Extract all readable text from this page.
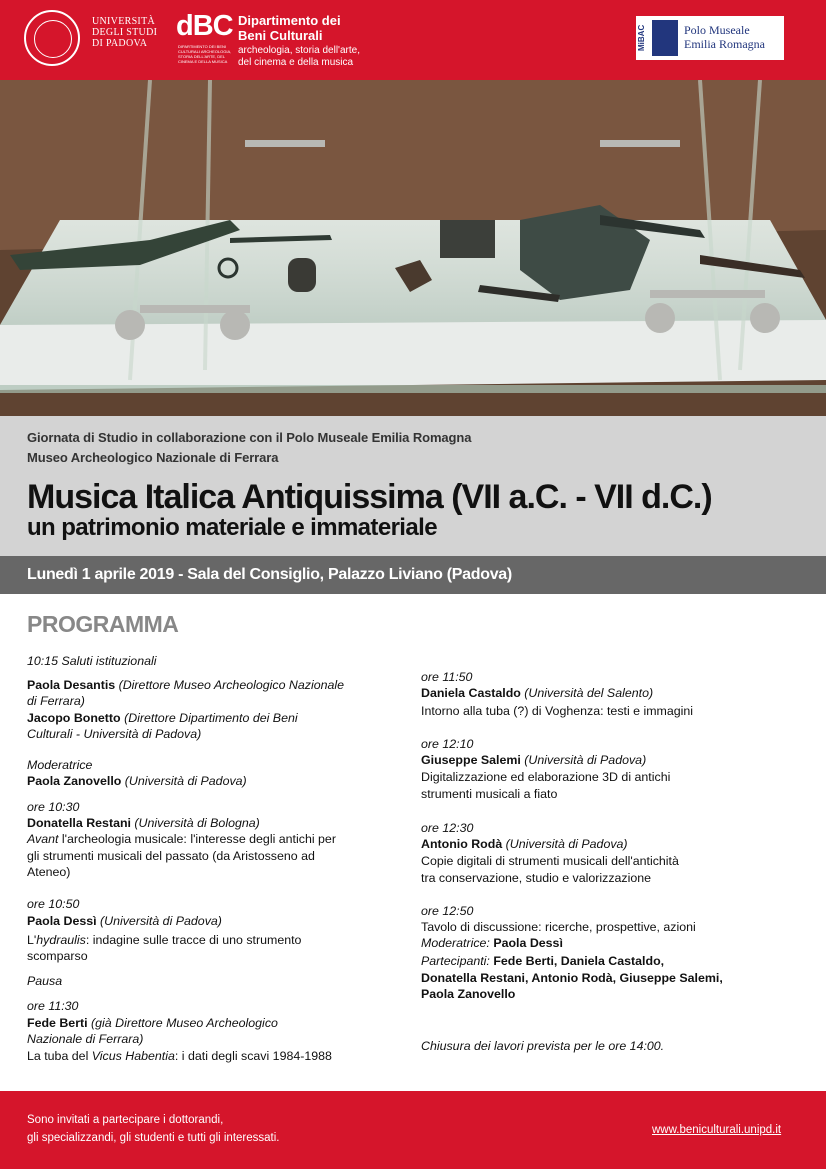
UNIVERSITÀ
DEGLI STUDI
DI PADOVA
dBC
DIPARTIMENTO DEI BENI CULTURALI ARCHEOLOGIA, STORIA DELL'ARTE, DEL CINEMA E DELLA MUSICA
Dipartimento dei
Beni Culturali
archeologia, storia dell'arte,
del cinema e della musica
MiBAC	Polo Museale
Emilia Romagna
Giornata di Studio in collaborazione con il Polo Museale Emilia Romagna
Museo Archeologico Nazionale di Ferrara
Musica Italica Antiquissima (VII a.C. - VII d.C.)
un patrimonio materiale e immateriale
Lunedì 1 aprile 2019 - Sala del Consiglio, Palazzo Liviano (Padova)
PROGRAMMA
10:15 Saluti istituzionali
Paola Desantis (Direttore Museo Archeologico Nazionale
di Ferrara)
Jacopo Bonetto (Direttore Dipartimento dei Beni
Culturali - Università di Padova)
Moderatrice
Paola Zanovello (Università di Padova)
ore 10:30
Donatella Restani (Università di Bologna)
Avant l'archeologia musicale: l'interesse degli antichi per
gli strumenti musicali del passato (da Aristosseno ad
Ateneo)
ore 10:50
Paola Dessì (Università di Padova)
L'hydraulis: indagine sulle tracce di uno strumento
scomparso
Pausa
ore 11:30
Fede Berti (già Direttore Museo Archeologico
Nazionale di Ferrara)
La tuba del Vicus Habentia: i dati degli scavi 1984-1988
ore 11:50
Daniela Castaldo (Università del Salento)
Intorno alla tuba (?) di Voghenza: testi e immagini
ore 12:10
Giuseppe Salemi (Università di Padova)
Digitalizzazione ed elaborazione 3D di antichi
strumenti musicali a fiato
ore 12:30
Antonio Rodà (Università di Padova)
Copie digitali di strumenti musicali dell'antichità
tra conservazione, studio e valorizzazione
ore 12:50
Tavolo di discussione: ricerche, prospettive, azioni
Moderatrice: Paola Dessì
Partecipanti: Fede Berti, Daniela Castaldo,
Donatella Restani, Antonio Rodà, Giuseppe Salemi,
Paola Zanovello
Chiusura dei lavori prevista per le ore 14:00.
Sono invitati a partecipare i dottorandi,
gli specializzandi, gli studenti e tutti gli interessati.
www.beniculturali.unipd.it
